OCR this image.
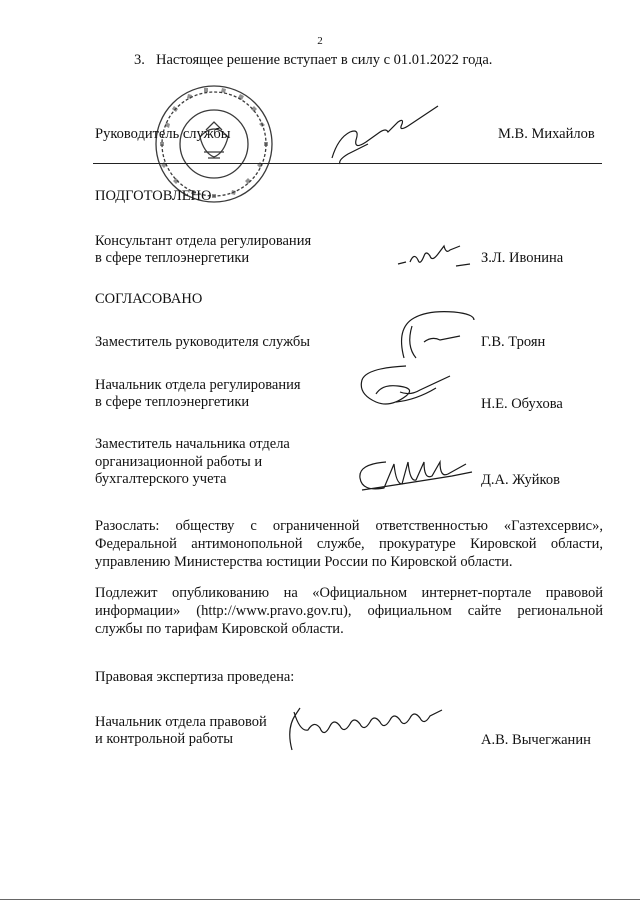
2
3. Настоящее решение вступает в силу с 01.01.2022 года.
Руководитель службы	М.В. Михайлов
ПОДГОТОВЛЕНО
Консультант отдела регулирования
в сфере теплоэнергетики	З.Л. Ивонина
СОГЛАСОВАНО
Заместитель руководителя службы	Г.В. Троян
Начальник отдела регулирования
в сфере теплоэнергетики	Н.Е. Обухова
Заместитель начальника отдела
организационной работы и
бухгалтерского учета	Д.А. Жуйков
Разослать: обществу с ограниченной ответственностью «Газтехсервис», Федеральной антимонопольной службе, прокуратуре Кировской области, управлению Министерства юстиции России по Кировской области.
Подлежит опубликованию на «Официальном интернет-портале правовой информации» (http://www.pravo.gov.ru), официальном сайте региональной службы по тарифам Кировской области.
Правовая экспертиза проведена:
Начальник отдела правовой
и контрольной работы	А.В. Вычегжанин
